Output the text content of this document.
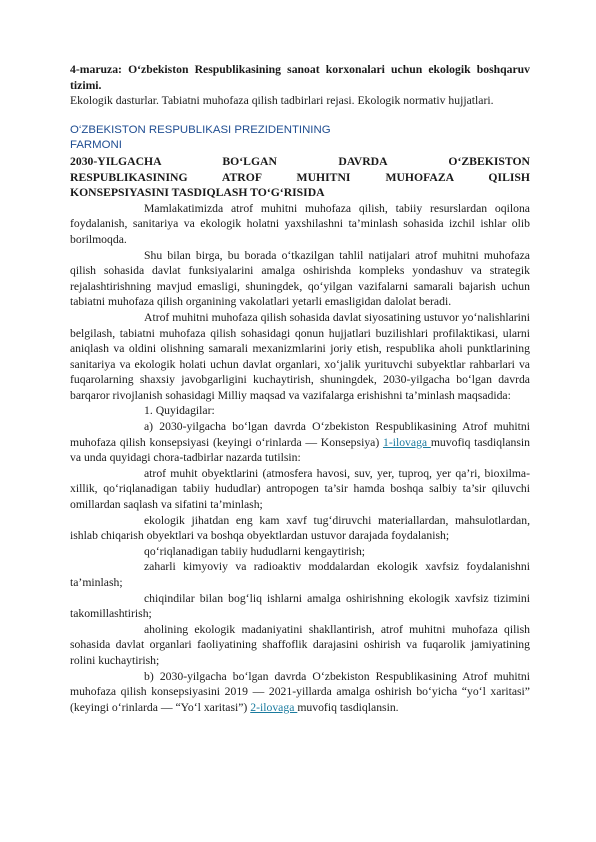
4-maruza: O‘zbekiston Respublikasining sanoat korxonalari uchun ekologik boshqaruv tizimi.

Ekologik dasturlar. Tabiatni muhofaza qilish tadbirlari rejasi. Ekologik normativ hujjatlari.

O‘ZBEKISTON RESPUBLIKASI PREZIDENTINING

FARMONI

2030-YILGACHA BO‘LGAN DAVRDA O‘ZBEKISTON

RESPUBLIKASINING ATROF MUHITNI MUHOFAZA QILISH

KONSEPSIYASINI TASDIQLASH TO‘G‘RISIDA

Mamlakatimizda atrof muhitni muhofaza qilish, tabiiy resurslardan oqilona foydalanish, sanitariya va ekologik holatni yaxshilashni ta’minlash sohasida izchil ishlar olib borilmoqda.

Shu bilan birga, bu borada o‘tkazilgan tahlil natijalari atrof muhitni muhofaza qilish sohasida davlat funksiyalarini amalga oshirishda kompleks yondashuv va strategik rejalashtirishning mavjud emasligi, shuningdek, qo‘yilgan vazifalarni samarali bajarish uchun tabiatni muhofaza qilish organining vakolatlari yetarli emasligidan dalolat beradi.

Atrof muhitni muhofaza qilish sohasida davlat siyosatining ustuvor yo‘nalishlarini belgilash, tabiatni muhofaza qilish sohasidagi qonun hujjatlari buzilishlari profilaktikasi, ularni aniqlash va oldini olishning samarali mexanizmlarini joriy etish, respublika aholi punktlarining sanitariya va ekologik holati uchun davlat organlari, xo‘jalik yurituvchi subyektlar rahbarlari va fuqarolarning shaxsiy javobgarligini kuchaytirish, shuningdek, 2030-yilgacha bo‘lgan davrda barqaror rivojlanish sohasidagi Milliy maqsad va vazifalarga erishishni ta’minlash maqsadida:

1. Quyidagilar:

a) 2030-yilgacha bo‘lgan davrda O‘zbekiston Respublikasining Atrof muhitni muhofaza qilish konsepsiyasi (keyingi o‘rinlarda — Konsepsiya) 1-ilovaga muvofiq tasdiqlansin va unda quyidagi chora-tadbirlar nazarda tutilsin:

atrof muhit obyektlarini (atmosfera havosi, suv, yer, tuproq, yer qa’ri, bioxilma-xillik, qo‘riqlanadigan tabiiy hududlar) antropogen ta’sir hamda boshqa salbiy ta’sir qiluvchi omillardan saqlash va sifatini ta’minlash;

ekologik jihatdan eng kam xavf tug‘diruvchi materiallardan, mahsulotlardan, ishlab chiqarish obyektlari va boshqa obyektlardan ustuvor darajada foydalanish;

qo‘riqlanadigan tabiiy hududlarni kengaytirish;

zaharli kimyoviy va radioaktiv moddalardan ekologik xavfsiz foydalanishni ta’minlash;

chiqindilar bilan bog‘liq ishlarni amalga oshirishning ekologik xavfsiz tizimini takomillashtirish;

aholining ekologik madaniyatini shakllantirish, atrof muhitni muhofaza qilish sohasida davlat organlari faoliyatining shaffoflik darajasini oshirish va fuqarolik jamiyatining rolini kuchaytirish;

b) 2030-yilgacha bo‘lgan davrda O‘zbekiston Respublikasining Atrof muhitni muhofaza qilish konsepsiyasini 2019 — 2021-yillarda amalga oshirish bo‘yicha “yo‘l xaritasi” (keyingi o‘rinlarda — “Yo‘l xaritasi”) 2-ilovaga muvofiq tasdiqlansin.
